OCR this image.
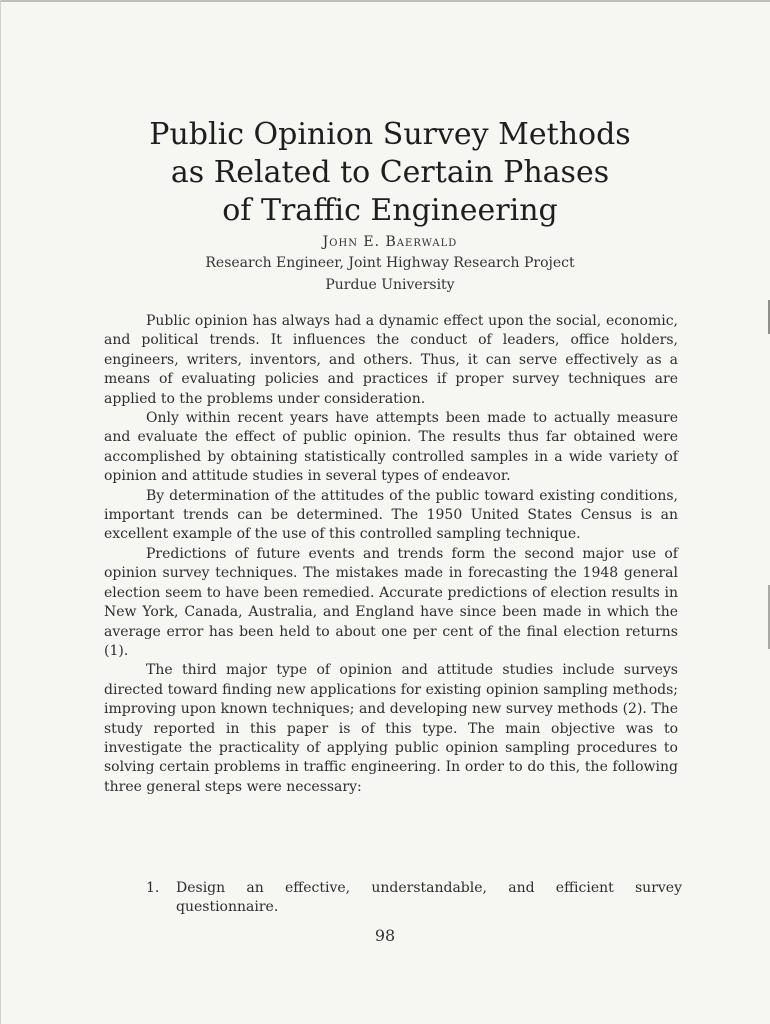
Public Opinion Survey Methods
as Related to Certain Phases
of Traffic Engineering
John E. Baerwald
Research Engineer, Joint Highway Research Project
Purdue University

Public opinion has always had a dynamic effect upon the social, economic, and political trends. It influences the conduct of leaders, office holders, engineers, writers, inventors, and others. Thus, it can serve effectively as a means of evaluating policies and practices if proper survey techniques are applied to the problems under consideration.

Only within recent years have attempts been made to actually measure and evaluate the effect of public opinion. The results thus far obtained were accomplished by obtaining statistically controlled samples in a wide variety of opinion and attitude studies in several types of endeavor.

By determination of the attitudes of the public toward existing conditions, important trends can be determined. The 1950 United States Census is an excellent example of the use of this controlled sampling technique.

Predictions of future events and trends form the second major use of opinion survey techniques. The mistakes made in forecasting the 1948 general election seem to have been remedied. Accurate predictions of election results in New York, Canada, Australia, and England have since been made in which the average error has been held to about one per cent of the final election returns (1).

The third major type of opinion and attitude studies include surveys directed toward finding new applications for existing opinion sampling methods; improving upon known techniques; and developing new survey methods (2). The study reported in this paper is of this type. The main objective was to investigate the practicality of applying public opinion sampling procedures to solving certain problems in traffic engineering. In order to do this, the following three general steps were necessary:

1. Design an effective, understandable, and efficient survey questionnaire.
98
